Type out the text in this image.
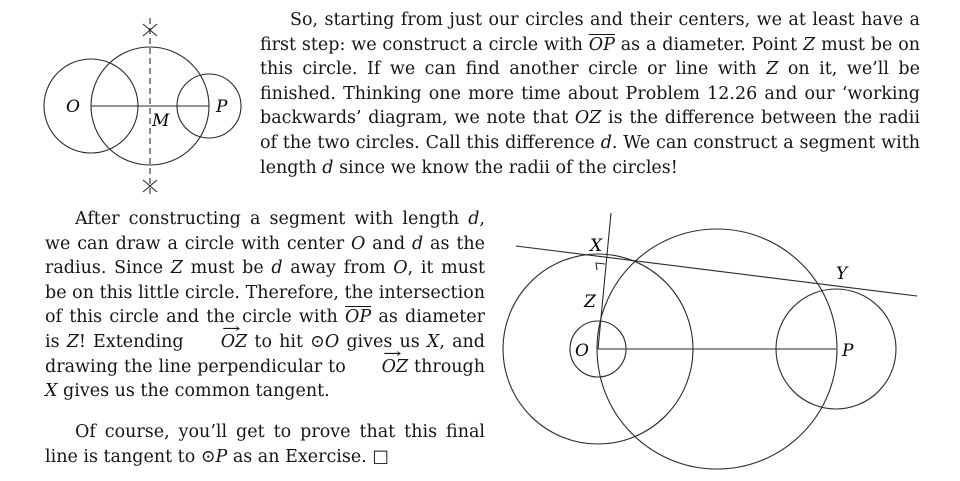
O
M
P
X
Y
Z
O	P

So, starting from just our circles and their centers, we at least have a first step: we construct a circle with $\overline{OP}$ as a diameter. Point Z must be on this circle. If we can find another circle or line with Z on it, we’ll be finished. Thinking one more time about Problem 12.26 and our ‘working backwards’ diagram, we note that OZ is the difference between the radii of the two circles. Call this difference d. We can construct a segment with length d since we know the radii of the circles!

After constructing a segment with length d, we can draw a circle with center O and d as the radius. Since Z must be d away from O, it must be on this little circle. Therefore, the intersection of this circle and the circle with $\overline{OP}$ as diameter is Z! Extending → OZ to hit ⊙O gives us X, and drawing the line perpendicular to → OZ through X gives us the common tangent.

Of course, you’ll get to prove that this final line is tangent to ⊙P as an Exercise. □
